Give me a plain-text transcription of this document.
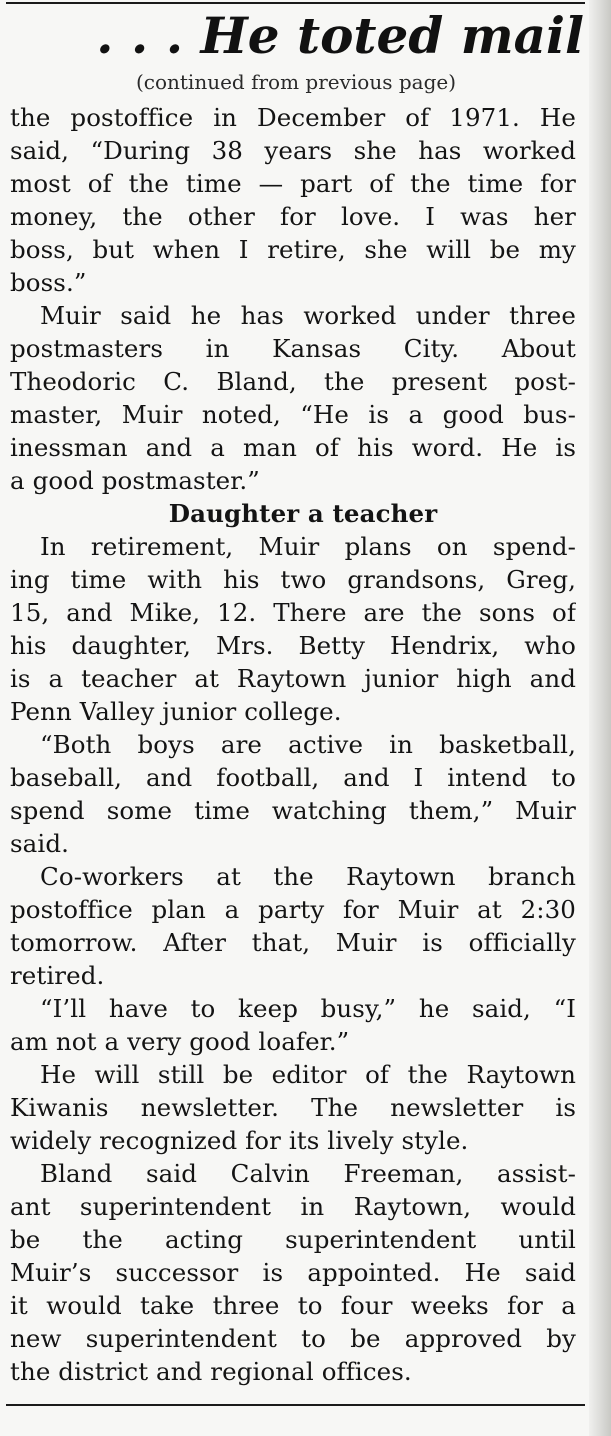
. . . He toted mail
(continued from previous page)
the postoffice in December of 1971. He
said, “During 38 years she has worked
most of the time — part of the time for
money, the other for love. I was her
boss, but when I retire, she will be my
boss.”
Muir said he has worked under three
postmasters in Kansas City. About
Theodoric C. Bland, the present post-
master, Muir noted, “He is a good bus-
inessman and a man of his word. He is
a good postmaster.”
Daughter a teacher
In retirement, Muir plans on spend-
ing time with his two grandsons, Greg,
15, and Mike, 12. There are the sons of
his daughter, Mrs. Betty Hendrix, who
is a teacher at Raytown junior high and
Penn Valley junior college.
“Both boys are active in basketball,
baseball, and football, and I intend to
spend some time watching them,” Muir
said.
Co-workers at the Raytown branch
postoffice plan a party for Muir at 2:30
tomorrow. After that, Muir is officially
retired.
“I’ll have to keep busy,” he said, “I
am not a very good loafer.”
He will still be editor of the Raytown
Kiwanis newsletter. The newsletter is
widely recognized for its lively style.
Bland said Calvin Freeman, assist-
ant superintendent in Raytown, would
be the acting superintendent until
Muir’s successor is appointed. He said
it would take three to four weeks for a
new superintendent to be approved by
the district and regional offices.
